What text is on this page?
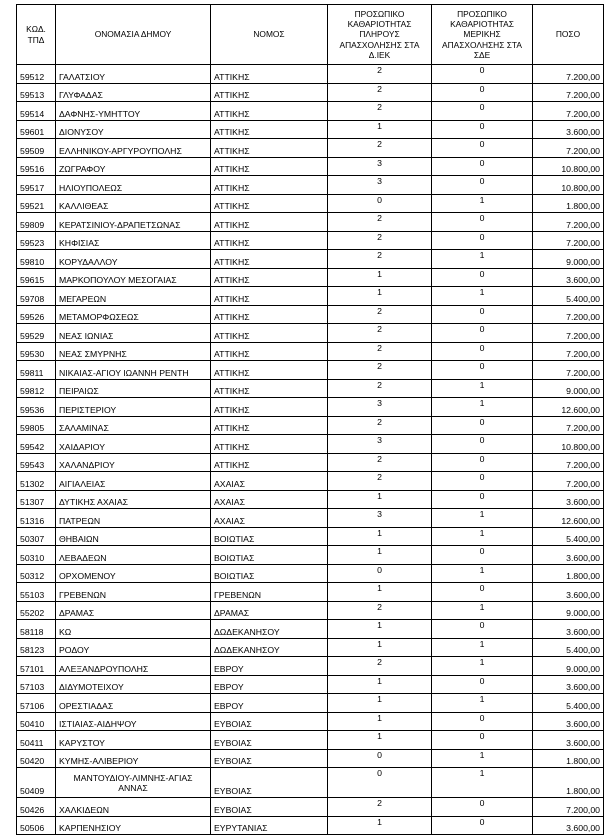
ΚΩΔ. ΤΠΔ	ΟΝΟΜΑΣΙΑ ΔΗΜΟΥ	ΝΟΜΟΣ	ΠΡΟΣΩΠΙΚΟ ΚΑΘΑΡΙΟΤΗΤΑΣ ΠΛΗΡΟΥΣ ΑΠΑΣΧΟΛΗΣΗΣ ΣΤΑ Δ.ΙΕΚ	ΠΡΟΣΩΠΙΚΟ ΚΑΘΑΡΙΟΤΗΤΑΣ ΜΕΡΙΚΗΣ ΑΠΑΣΧΟΛΗΣΗΣ ΣΤΑ ΣΔΕ	ΠΟΣΟ
59512	ΓΑΛΑΤΣΙΟΥ	ΑΤΤΙΚΗΣ	2	0	7.200,00
59513	ΓΛΥΦΑΔΑΣ	ΑΤΤΙΚΗΣ	2	0	7.200,00
59514	ΔΑΦΝΗΣ-ΥΜΗΤΤΟΥ	ΑΤΤΙΚΗΣ	2	0	7.200,00
59601	ΔΙΟΝΥΣΟΥ	ΑΤΤΙΚΗΣ	1	0	3.600,00
59509	ΕΛΛΗΝΙΚΟΥ-ΑΡΓΥΡΟΥΠΟΛΗΣ	ΑΤΤΙΚΗΣ	2	0	7.200,00
59516	ΖΩΓΡΑΦΟΥ	ΑΤΤΙΚΗΣ	3	0	10.800,00
59517	ΗΛΙΟΥΠΟΛΕΩΣ	ΑΤΤΙΚΗΣ	3	0	10.800,00
59521	ΚΑΛΛΙΘΕΑΣ	ΑΤΤΙΚΗΣ	0	1	1.800,00
59809	ΚΕΡΑΤΣΙΝΙΟΥ-ΔΡΑΠΕΤΣΩΝΑΣ	ΑΤΤΙΚΗΣ	2	0	7.200,00
59523	ΚΗΦΙΣΙΑΣ	ΑΤΤΙΚΗΣ	2	0	7.200,00
59810	ΚΟΡΥΔΑΛΛΟΥ	ΑΤΤΙΚΗΣ	2	1	9.000,00
59615	ΜΑΡΚΟΠΟΥΛΟΥ ΜΕΣΟΓΑΙΑΣ	ΑΤΤΙΚΗΣ	1	0	3.600,00
59708	ΜΕΓΑΡΕΩΝ	ΑΤΤΙΚΗΣ	1	1	5.400,00
59526	ΜΕΤΑΜΟΡΦΩΣΕΩΣ	ΑΤΤΙΚΗΣ	2	0	7.200,00
59529	ΝΕΑΣ ΙΩΝΙΑΣ	ΑΤΤΙΚΗΣ	2	0	7.200,00
59530	ΝΕΑΣ ΣΜΥΡΝΗΣ	ΑΤΤΙΚΗΣ	2	0	7.200,00
59811	ΝΙΚΑΙΑΣ-ΑΓΙΟΥ ΙΩΑΝΝΗ ΡΕΝΤΗ	ΑΤΤΙΚΗΣ	2	0	7.200,00
59812	ΠΕΙΡΑΙΩΣ	ΑΤΤΙΚΗΣ	2	1	9.000,00
59536	ΠΕΡΙΣΤΕΡΙΟΥ	ΑΤΤΙΚΗΣ	3	1	12.600,00
59805	ΣΑΛΑΜΙΝΑΣ	ΑΤΤΙΚΗΣ	2	0	7.200,00
59542	ΧΑΙΔΑΡΙΟΥ	ΑΤΤΙΚΗΣ	3	0	10.800,00
59543	ΧΑΛΑΝΔΡΙΟΥ	ΑΤΤΙΚΗΣ	2	0	7.200,00
51302	ΑΙΓΙΑΛΕΙΑΣ	ΑΧΑΙΑΣ	2	0	7.200,00
51307	ΔΥΤΙΚΗΣ ΑΧΑΙΑΣ	ΑΧΑΙΑΣ	1	0	3.600,00
51316	ΠΑΤΡΕΩΝ	ΑΧΑΙΑΣ	3	1	12.600,00
50307	ΘΗΒΑΙΩΝ	ΒΟΙΩΤΙΑΣ	1	1	5.400,00
50310	ΛΕΒΑΔΕΩΝ	ΒΟΙΩΤΙΑΣ	1	0	3.600,00
50312	ΟΡΧΟΜΕΝΟΥ	ΒΟΙΩΤΙΑΣ	0	1	1.800,00
55103	ΓΡΕΒΕΝΩΝ	ΓΡΕΒΕΝΩΝ	1	0	3.600,00
55202	ΔΡΑΜΑΣ	ΔΡΑΜΑΣ	2	1	9.000,00
58118	ΚΩ	ΔΩΔΕΚΑΝΗΣΟΥ	1	0	3.600,00
58123	ΡΟΔΟΥ	ΔΩΔΕΚΑΝΗΣΟΥ	1	1	5.400,00
57101	ΑΛΕΞΑΝΔΡΟΥΠΟΛΗΣ	ΕΒΡΟΥ	2	1	9.000,00
57103	ΔΙΔΥΜΟΤΕΙΧΟΥ	ΕΒΡΟΥ	1	0	3.600,00
57106	ΟΡΕΣΤΙΑΔΑΣ	ΕΒΡΟΥ	1	1	5.400,00
50410	ΙΣΤΙΑΙΑΣ-ΑΙΔΗΨΟΥ	ΕΥΒΟΙΑΣ	1	0	3.600,00
50411	ΚΑΡΥΣΤΟΥ	ΕΥΒΟΙΑΣ	1	0	3.600,00
50420	ΚΥΜΗΣ-ΑΛΙΒΕΡΙΟΥ	ΕΥΒΟΙΑΣ	0	1	1.800,00
50409	ΜΑΝΤΟΥΔΙΟΥ-ΛΙΜΝΗΣ-ΑΓΙΑΣ ΑΝΝΑΣ	ΕΥΒΟΙΑΣ	0	1	1.800,00
50426	ΧΑΛΚΙΔΕΩΝ	ΕΥΒΟΙΑΣ	2	0	7.200,00
50506	ΚΑΡΠΕΝΗΣΙΟΥ	ΕΥΡΥΤΑΝΙΑΣ	1	0	3.600,00
